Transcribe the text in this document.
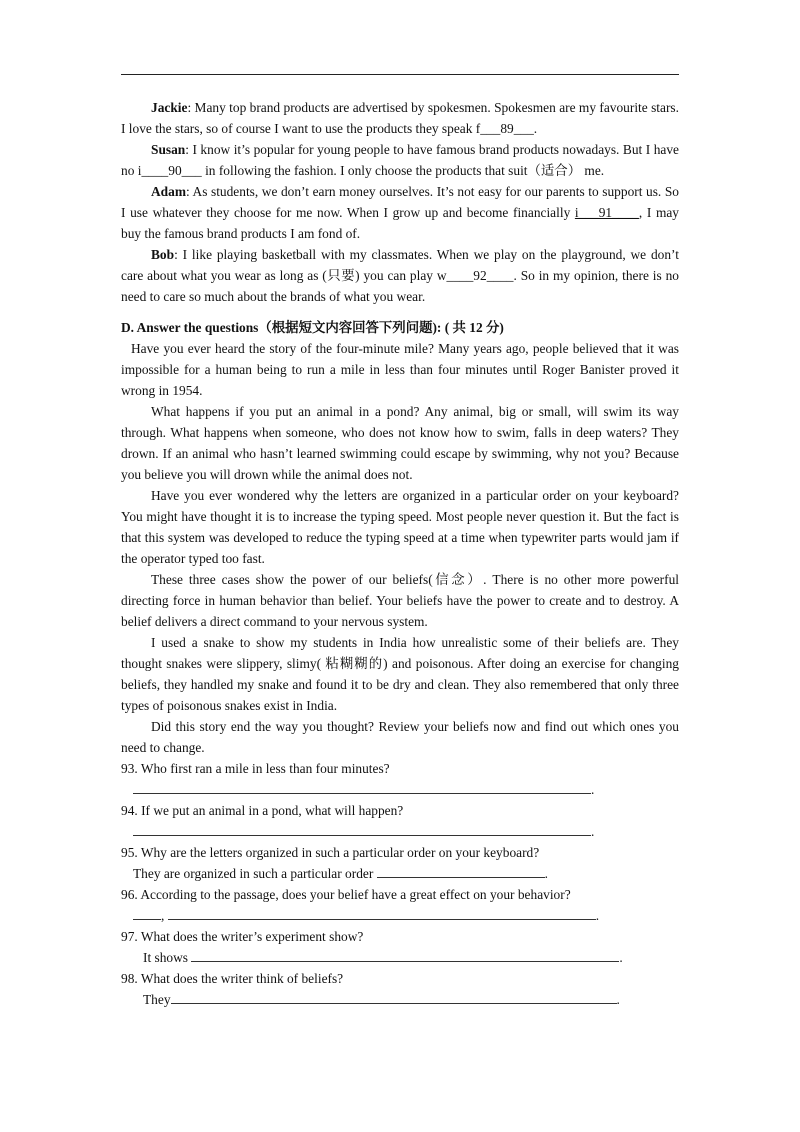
Jackie: Many top brand products are advertised by spokesmen. Spokesmen are my favourite stars. I love the stars, so of course I want to use the products they speak f___89___.

Susan: I know it’s popular for young people to have famous brand products nowadays. But I have no i____90___ in following the fashion. I only choose the products that suit（适合） me.

Adam: As students, we don’t earn money ourselves. It’s not easy for our parents to support us. So I use whatever they choose for me now. When I grow up and become financially i___91____, I may buy the famous brand products I am fond of.

Bob: I like playing basketball with my classmates. When we play on the playground, we don’t care about what you wear as long as (只要) you can play w____92____. So in my opinion, there is no need to care so much about the brands of what you wear.

D. Answer the questions（根据短文内容回答下列问题): ( 共 12 分)

Have you ever heard the story of the four-minute mile? Many years ago, people believed that it was impossible for a human being to run a mile in less than four minutes until Roger Banister proved it wrong in 1954.

What happens if you put an animal in a pond? Any animal, big or small, will swim its way through. What happens when someone, who does not know how to swim, falls in deep waters? They drown. If an animal who hasn’t learned swimming could escape by swimming, why not you? Because you believe you will drown while the animal does not.

Have you ever wondered why the letters are organized in a particular order on your keyboard? You might have thought it is to increase the typing speed. Most people never question it. But the fact is that this system was developed to reduce the typing speed at a time when typewriter parts would jam if the operator typed too fast.

These three cases show the power of our beliefs(信念）. There is no other more powerful directing force in human behavior than belief. Your beliefs have the power to create and to destroy. A belief delivers a direct command to your nervous system.

I used a snake to show my students in India how unrealistic some of their beliefs are. They thought snakes were slippery, slimy( 粘糊糊的) and poisonous. After doing an exercise for changing beliefs, they handled my snake and found it to be dry and clean. They also remembered that only three types of poisonous snakes exist in India.

Did this story end the way you thought? Review your beliefs now and find out which ones you need to change.

93. Who first ran a mile in less than four minutes?

.

94. If we put an animal in a pond, what will happen?

.

95. Why are the letters organized in such a particular order on your keyboard?

They are organized in such a particular order	.

96. According to the passage, does your belief have a great effect on your behavior?

,	.

97. What does the writer’s experiment show?

It shows	.

98. What does the writer think of beliefs?

They	.
